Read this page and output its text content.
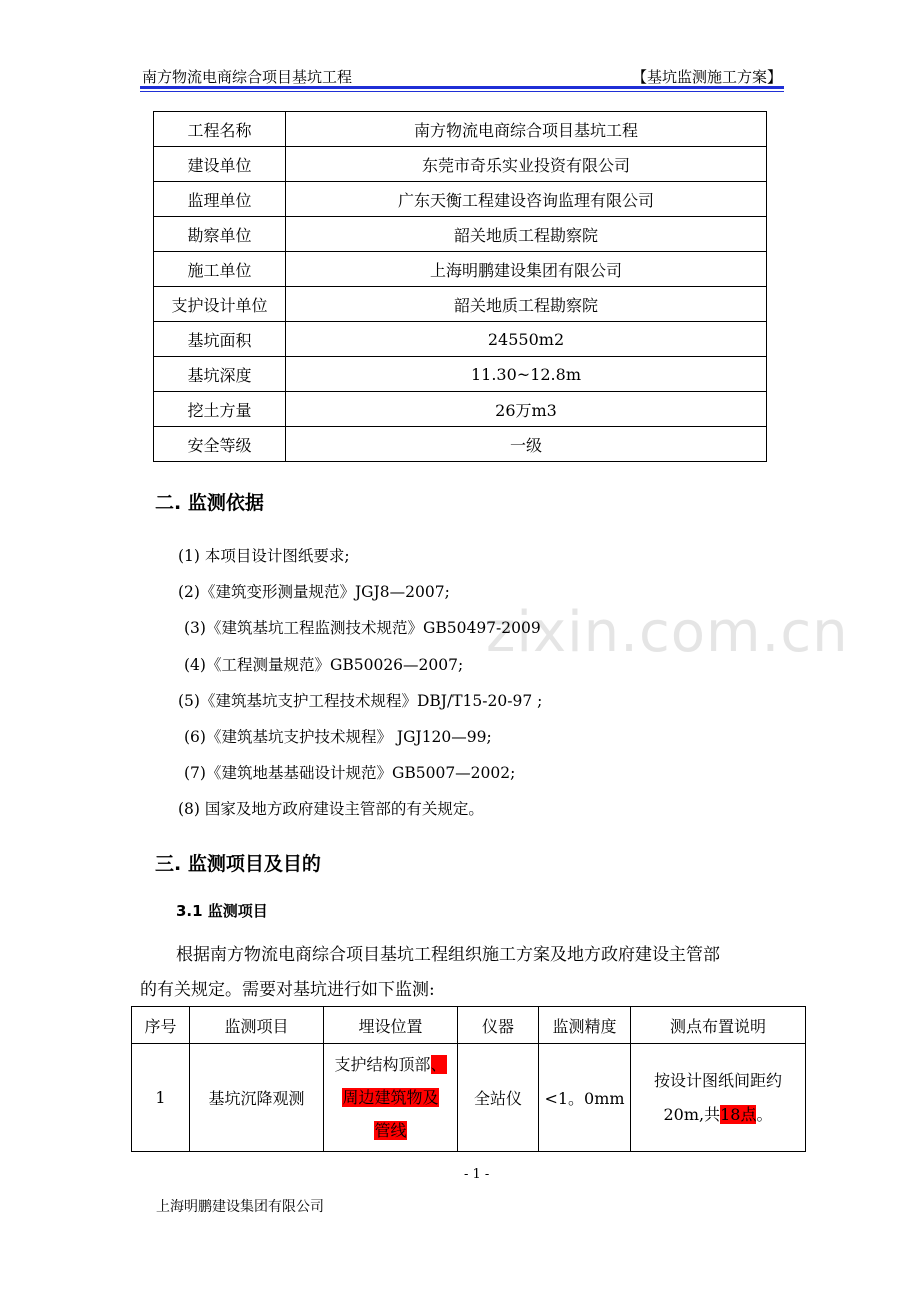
南方物流电商综合项目基坑工程	【基坑监测施工方案】
zixin.com.cn
工程名称	南方物流电商综合项目基坑工程
建设单位	东莞市奇乐实业投资有限公司
监理单位	广东天衡工程建设咨询监理有限公司
勘察单位	韶关地质工程勘察院
施工单位	上海明鹏建设集团有限公司
支护设计单位	韶关地质工程勘察院
基坑面积	24550m2
基坑深度	11.30~12.8m
挖土方量	26万m3
安全等级	一级
二. 监测依据
(1) 本项目设计图纸要求;
(2)《建筑变形测量规范》JGJ8—2007;
(3)《建筑基坑工程监测技术规范》GB50497-2009
(4)《工程测量规范》GB50026—2007;
(5)《建筑基坑支护工程技术规程》DBJ/T15-20-97 ;
(6)《建筑基坑支护技术规程》 JGJ120—99;
(7)《建筑地基基础设计规范》GB5007—2002;
(8) 国家及地方政府建设主管部的有关规定。
三. 监测项目及目的
3.1 监测项目
根据南方物流电商综合项目基坑工程组织施工方案及地方政府建设主管部
的有关规定。需要对基坑进行如下监测:
序号	监测项目	埋设位置	仪器	监测精度	测点布置说明
1	基坑沉降观测	支护结构顶部、
周边建筑物及
管线	全站仪	<1。0mm	按设计图纸间距约
20m,共18点。
- 1 -
上海明鹏建设集团有限公司
